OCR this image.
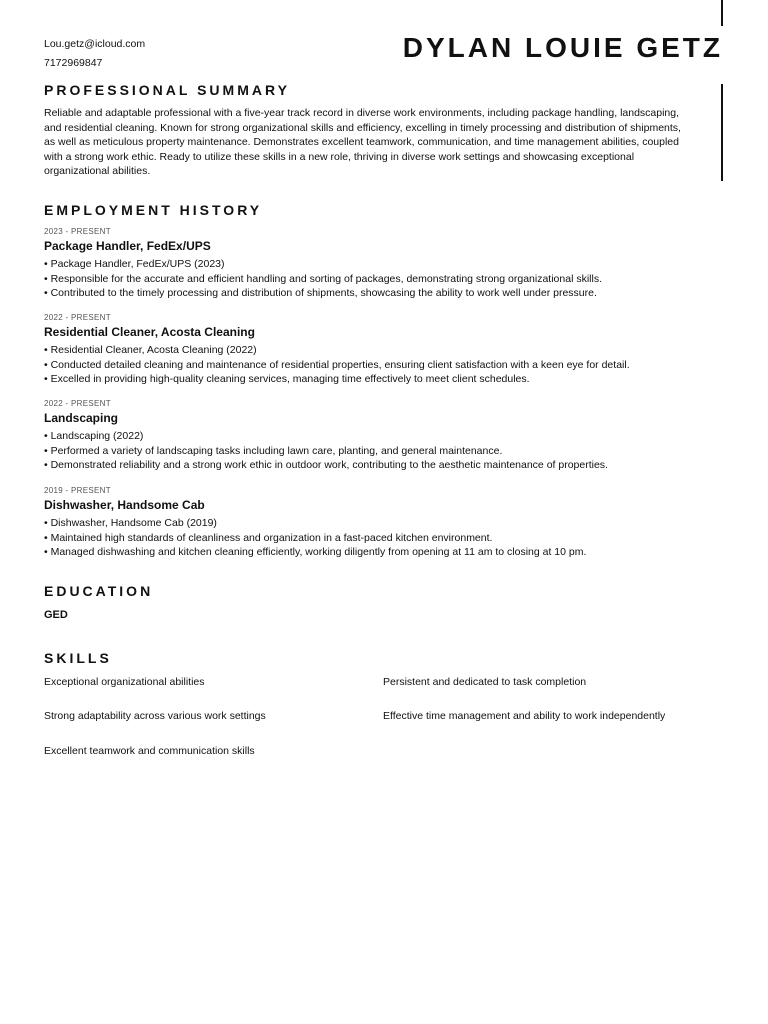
Lou.getz@icloud.com
7172969847	DYLAN LOUIE GETZ
PROFESSIONAL SUMMARY

Reliable and adaptable professional with a five-year track record in diverse work environments, including package handling, landscaping, and residential cleaning. Known for strong organizational skills and efficiency, excelling in timely processing and distribution of shipments, as well as meticulous property maintenance. Demonstrates excellent teamwork, communication, and time management abilities, coupled with a strong work ethic. Ready to utilize these skills in a new role, thriving in diverse work settings and showcasing exceptional organizational abilities.

EMPLOYMENT HISTORY
2023 - PRESENT
Package Handler, FedEx/UPS
• Package Handler, FedEx/UPS (2023)
• Responsible for the accurate and efficient handling and sorting of packages, demonstrating strong organizational skills.
• Contributed to the timely processing and distribution of shipments, showcasing the ability to work well under pressure.
2022 - PRESENT
Residential Cleaner, Acosta Cleaning
• Residential Cleaner, Acosta Cleaning (2022)
• Conducted detailed cleaning and maintenance of residential properties, ensuring client satisfaction with a keen eye for detail.
• Excelled in providing high-quality cleaning services, managing time effectively to meet client schedules.
2022 - PRESENT
Landscaping
• Landscaping (2022)
• Performed a variety of landscaping tasks including lawn care, planting, and general maintenance.
• Demonstrated reliability and a strong work ethic in outdoor work, contributing to the aesthetic maintenance of properties.
2019 - PRESENT
Dishwasher, Handsome Cab
• Dishwasher, Handsome Cab (2019)
• Maintained high standards of cleanliness and organization in a fast-paced kitchen environment.
• Managed dishwashing and kitchen cleaning efficiently, working diligently from opening at 11 am to closing at 10 pm.
EDUCATION
GED
SKILLS
Exceptional organizational abilities	Persistent and dedicated to task completion
Strong adaptability across various work settings	Effective time management and ability to work independently
Excellent teamwork and communication skills
